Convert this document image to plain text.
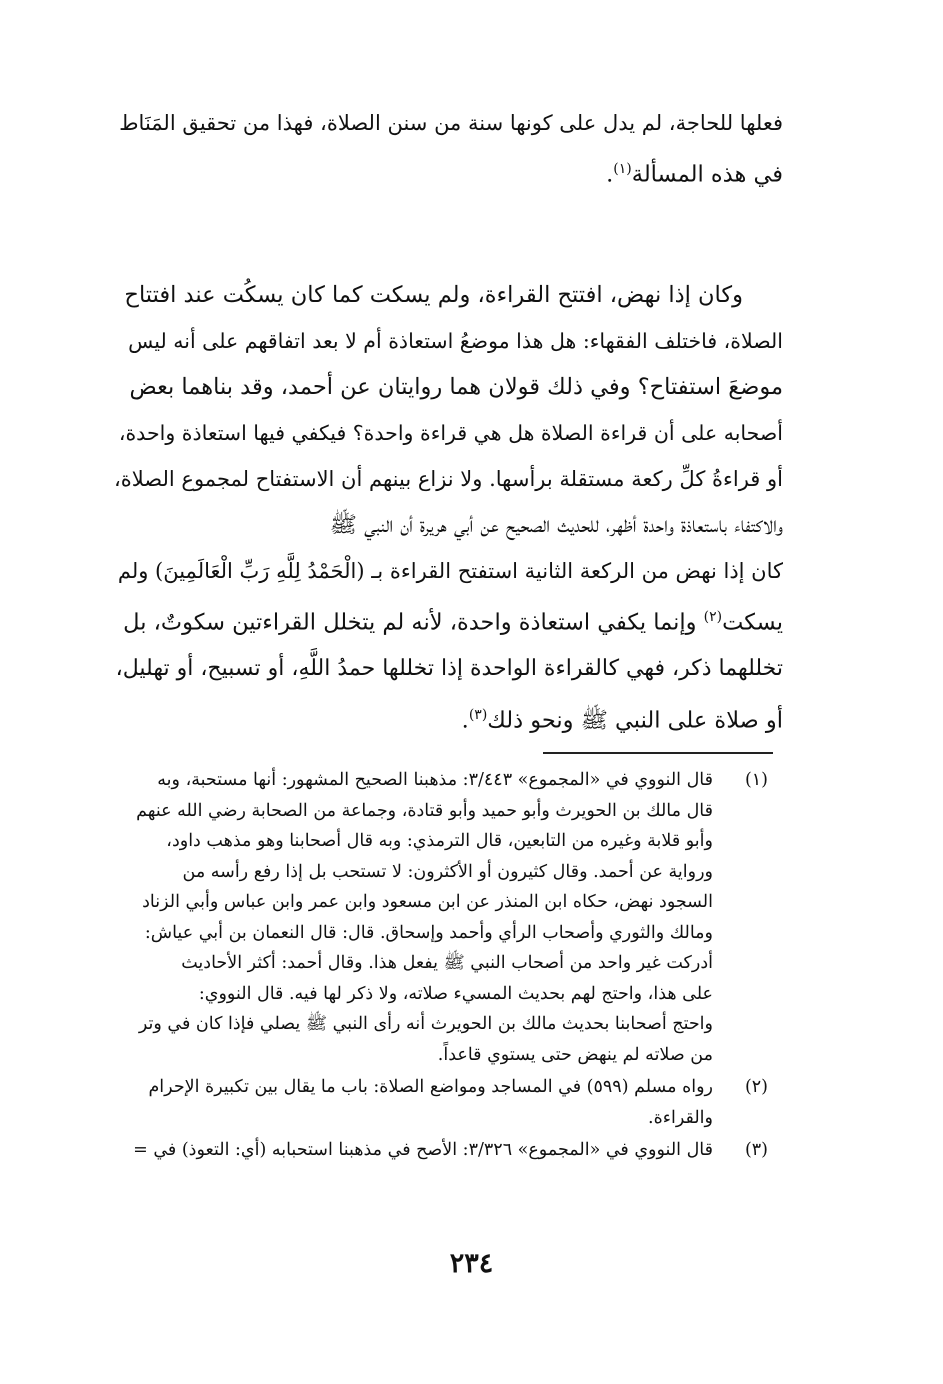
فعلها للحاجة، لم يدل على كونها سنة من سنن الصلاة، فهذا من تحقيق المَنَاط
في هذه المسألة$^{(١)}$.
وكان إذا نهض، افتتح القراءة، ولم يسكت كما كان يسكُت عند افتتاح
الصلاة، فاختلف الفقهاء: هل هذا موضعُ استعاذة أم لا بعد اتفاقهم على أنه ليس
موضعَ استفتاح؟ وفي ذلك قولان هما روايتان عن أحمد، وقد بناهما بعض
أصحابه على أن قراءة الصلاة هل هي قراءة واحدة؟ فيكفي فيها استعاذة واحدة،
أو قراءةُ كلِّ ركعة مستقلة برأسها. ولا نزاع بينهم أن الاستفتاح لمجموع الصلاة،
والاكتفاء باستعاذة واحدة أظهر، للحديث الصحيح عن أبي هريرة أن النبي ﷺ
كان إذا نهض من الركعة الثانية استفتح القراءة بـ (الْحَمْدُ لِلَّهِ رَبِّ الْعَالَمِينَ) ولم
يسكت$^{(٢)}$ وإنما يكفي استعاذة واحدة، لأنه لم يتخلل القراءتين سكوتٌ، بل
تخللهما ذكر، فهي كالقراءة الواحدة إذا تخللها حمدُ اللَّهِ، أو تسبيح، أو تهليل،
أو صلاة على النبي ﷺ ونحو ذلك$^{(٣)}$.
(١)
قال النووي في «المجموع» ٣/٤٤٣: مذهبنا الصحيح المشهور: أنها مستحبة، وبه
قال مالك بن الحويرث وأبو حميد وأبو قتادة، وجماعة من الصحابة رضي الله عنهم
وأبو قلابة وغيره من التابعين، قال الترمذي: وبه قال أصحابنا وهو مذهب داود،
ورواية عن أحمد. وقال كثيرون أو الأكثرون: لا تستحب بل إذا رفع رأسه من
السجود نهض، حكاه ابن المنذر عن ابن مسعود وابن عمر وابن عباس وأبي الزناد
ومالك والثوري وأصحاب الرأي وأحمد وإسحاق. قال: قال النعمان بن أبي عياش:
أدركت غير واحد من أصحاب النبي ﷺ يفعل هذا. وقال أحمد: أكثر الأحاديث
على هذا، واحتج لهم بحديث المسيء صلاته، ولا ذكر لها فيه. قال النووي:
واحتج أصحابنا بحديث مالك بن الحويرث أنه رأى النبي ﷺ يصلي فإذا كان في وتر
من صلاته لم ينهض حتى يستوي قاعداً.
(٢)
رواه مسلم (٥٩٩) في المساجد ومواضع الصلاة: باب ما يقال بين تكبيرة الإحرام
والقراءة.
(٣)
قال النووي في «المجموع» ٣/٣٢٦: الأصح في مذهبنا استحبابه (أي: التعوذ) في =
٢٣٤
